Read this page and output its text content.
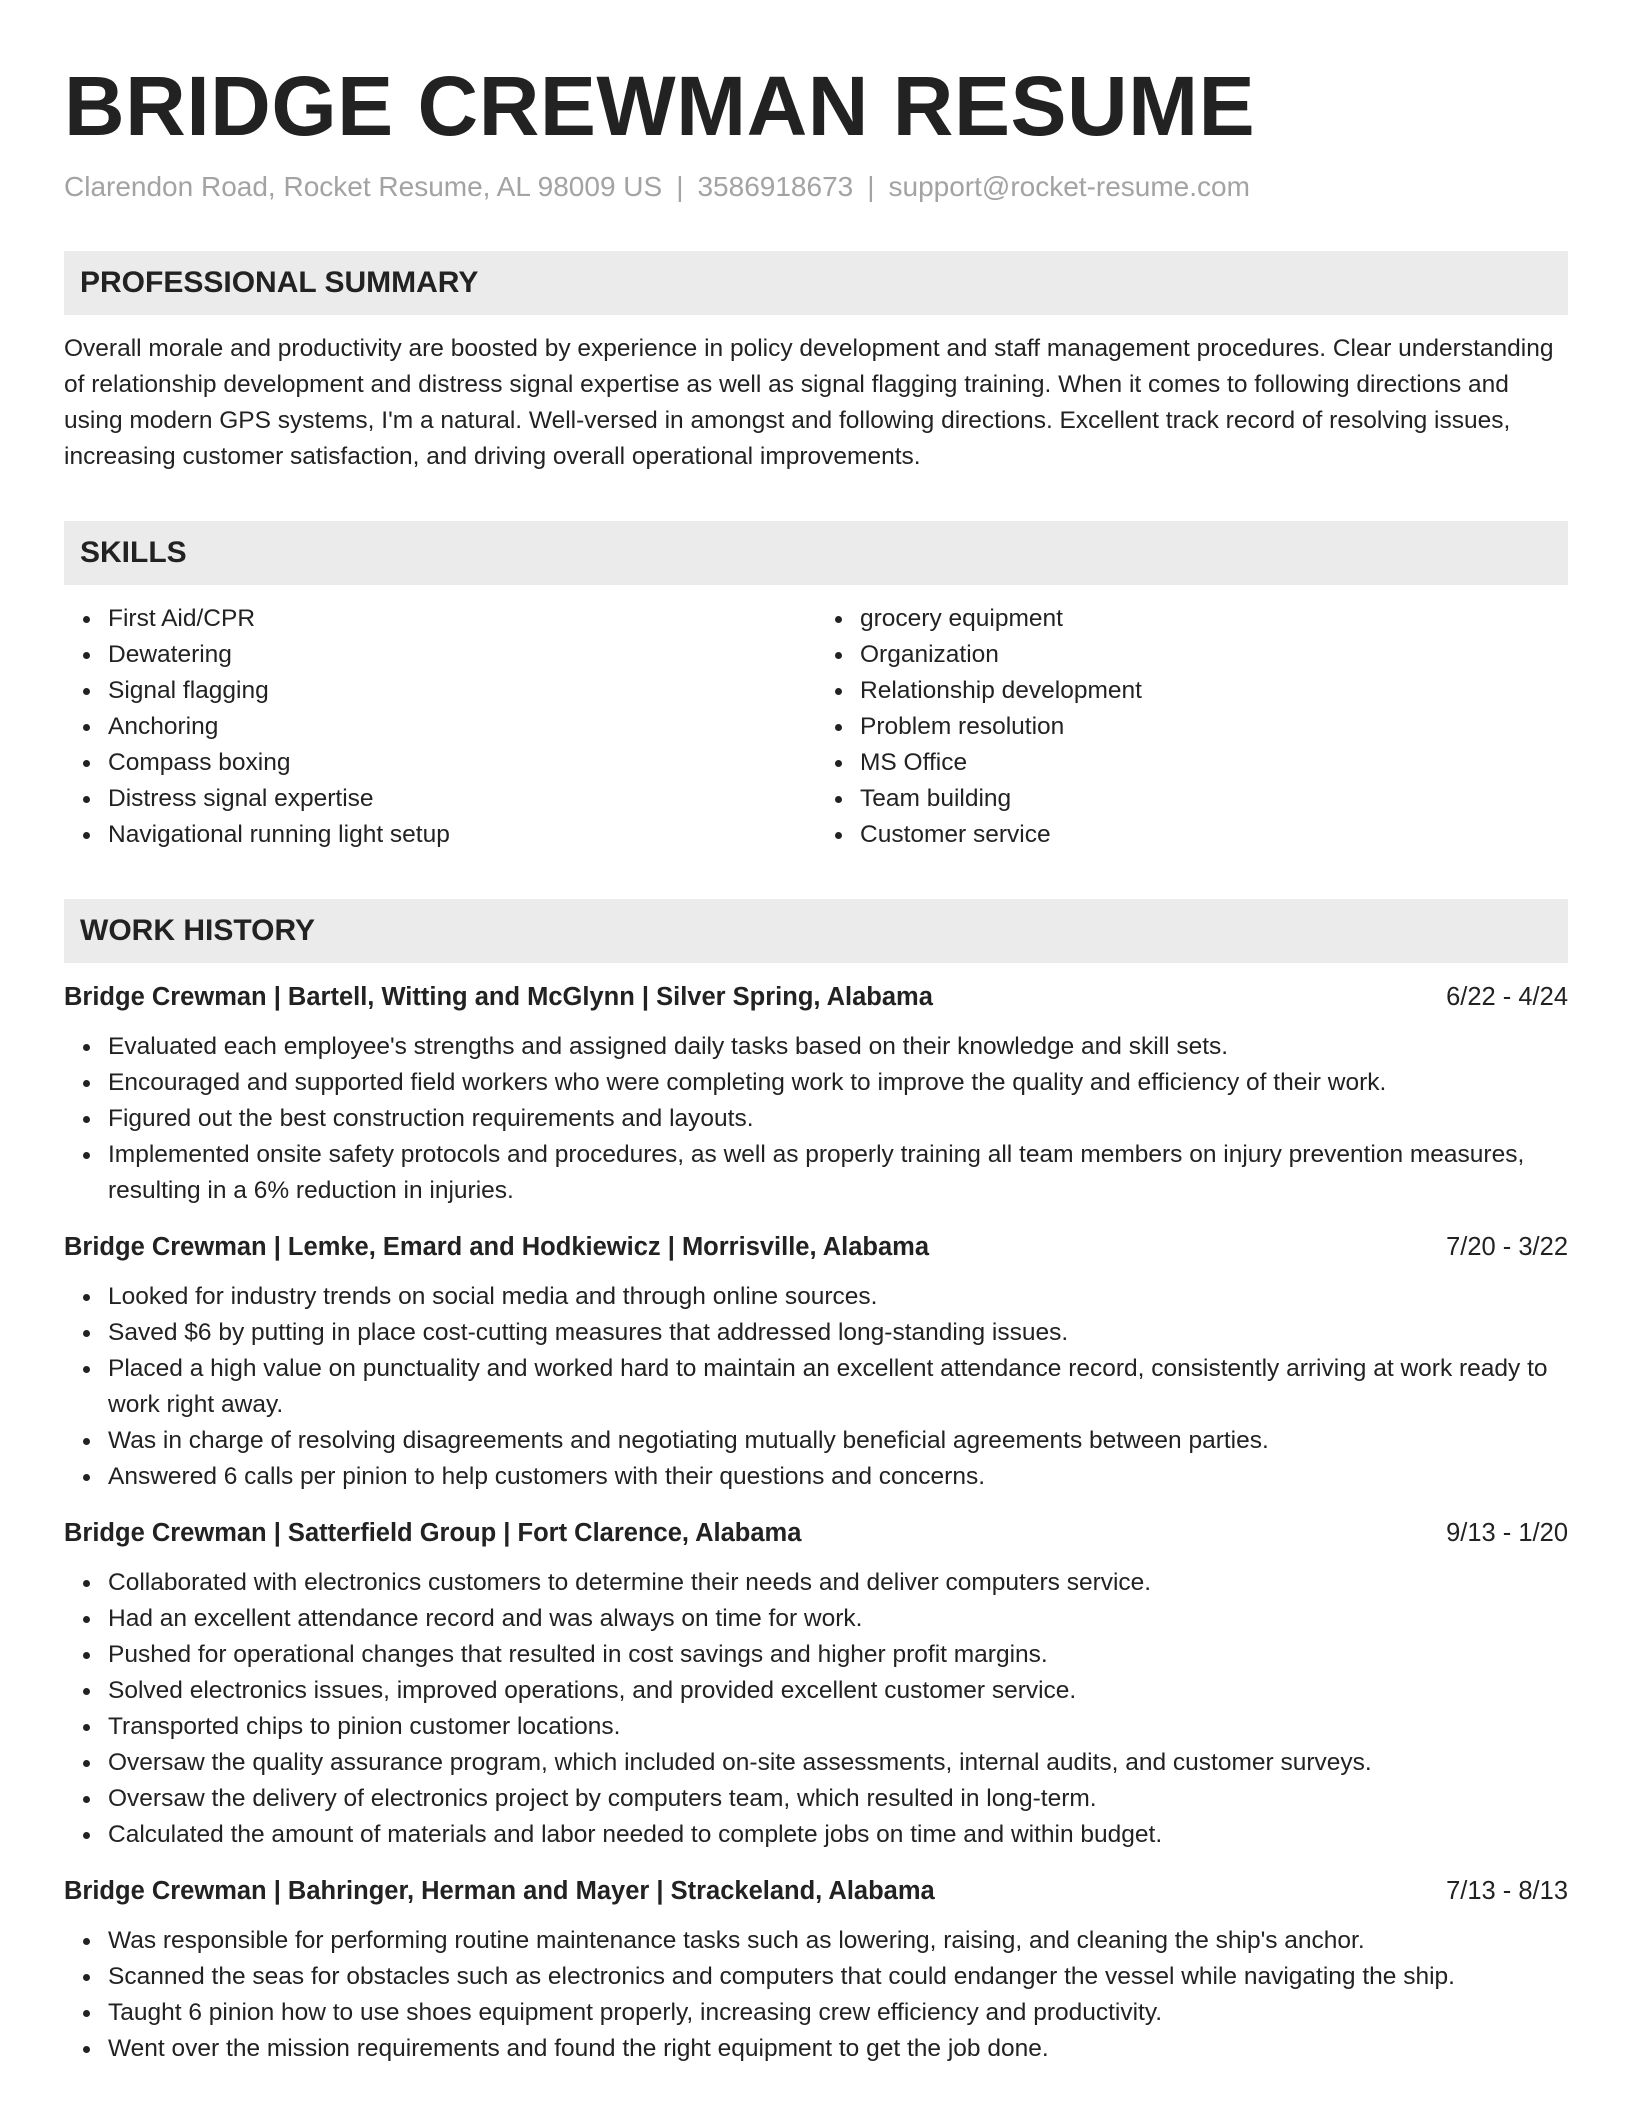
BRIDGE CREWMAN RESUME
Clarendon Road, Rocket Resume, AL 98009 US | 3586918673 | support@rocket-resume.com
PROFESSIONAL SUMMARY

Overall morale and productivity are boosted by experience in policy development and staff management procedures. Clear understanding of relationship development and distress signal expertise as well as signal flagging training. When it comes to following directions and using modern GPS systems, I'm a natural. Well-versed in amongst and following directions. Excellent track record of resolving issues, increasing customer satisfaction, and driving overall operational improvements.

SKILLS
First Aid/CPR
Dewatering
Signal flagging
Anchoring
Compass boxing
Distress signal expertise
Navigational running light setup
grocery equipment
Organization
Relationship development
Problem resolution
MS Office
Team building
Customer service
WORK HISTORY
Bridge Crewman | Bartell, Witting and McGlynn | Silver Spring, Alabama	6/22 - 4/24
Evaluated each employee's strengths and assigned daily tasks based on their knowledge and skill sets.
Encouraged and supported field workers who were completing work to improve the quality and efficiency of their work.
Figured out the best construction requirements and layouts.
Implemented onsite safety protocols and procedures, as well as properly training all team members on injury prevention measures, resulting in a 6% reduction in injuries.
Bridge Crewman | Lemke, Emard and Hodkiewicz | Morrisville, Alabama	7/20 - 3/22
Looked for industry trends on social media and through online sources.
Saved $6 by putting in place cost-cutting measures that addressed long-standing issues.
Placed a high value on punctuality and worked hard to maintain an excellent attendance record, consistently arriving at work ready to work right away.
Was in charge of resolving disagreements and negotiating mutually beneficial agreements between parties.
Answered 6 calls per pinion to help customers with their questions and concerns.
Bridge Crewman | Satterfield Group | Fort Clarence, Alabama	9/13 - 1/20
Collaborated with electronics customers to determine their needs and deliver computers service.
Had an excellent attendance record and was always on time for work.
Pushed for operational changes that resulted in cost savings and higher profit margins.
Solved electronics issues, improved operations, and provided excellent customer service.
Transported chips to pinion customer locations.
Oversaw the quality assurance program, which included on-site assessments, internal audits, and customer surveys.
Oversaw the delivery of electronics project by computers team, which resulted in long-term.
Calculated the amount of materials and labor needed to complete jobs on time and within budget.
Bridge Crewman | Bahringer, Herman and Mayer | Strackeland, Alabama	7/13 - 8/13
Was responsible for performing routine maintenance tasks such as lowering, raising, and cleaning the ship's anchor.
Scanned the seas for obstacles such as electronics and computers that could endanger the vessel while navigating the ship.
Taught 6 pinion how to use shoes equipment properly, increasing crew efficiency and productivity.
Went over the mission requirements and found the right equipment to get the job done.
